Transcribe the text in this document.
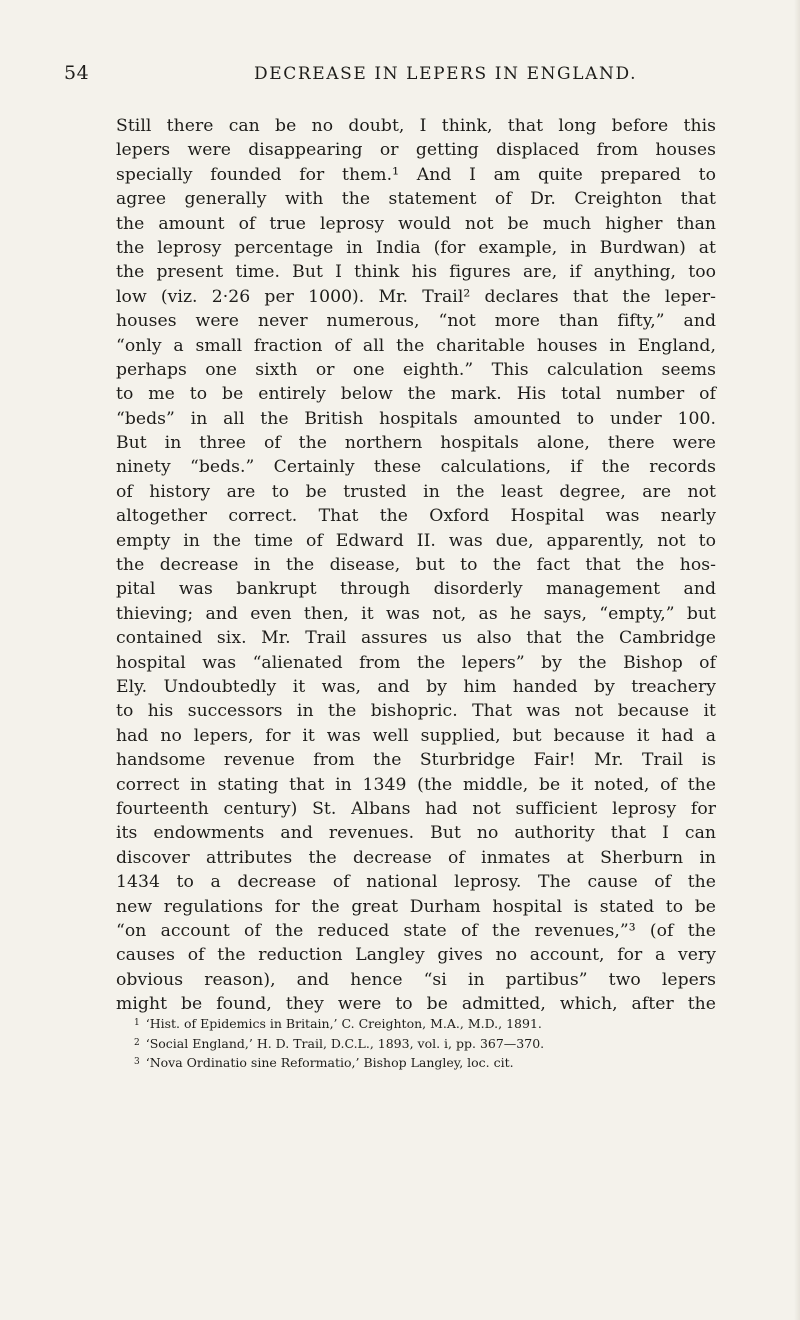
54	DECREASE IN LEPERS IN ENGLAND.
Still there can be no doubt, I think, that long before this
lepers were disappearing or getting displaced from houses
specially founded for them.¹ And I am quite prepared to
agree generally with the statement of Dr. Creighton that
the amount of true leprosy would not be much higher than
the leprosy percentage in India (for example, in Burdwan) at
the present time. But I think his figures are, if anything, too
low (viz. 2·26 per 1000). Mr. Trail² declares that the leper-
houses were never numerous, “not more than fifty,” and
“only a small fraction of all the charitable houses in England,
perhaps one sixth or one eighth.” This calculation seems
to me to be entirely below the mark. His total number of
“beds” in all the British hospitals amounted to under 100.
But in three of the northern hospitals alone, there were
ninety “beds.” Certainly these calculations, if the records
of history are to be trusted in the least degree, are not
altogether correct. That the Oxford Hospital was nearly
empty in the time of Edward II. was due, apparently, not to
the decrease in the disease, but to the fact that the hos-
pital was bankrupt through disorderly management and
thieving; and even then, it was not, as he says, “empty,” but
contained six. Mr. Trail assures us also that the Cambridge
hospital was “alienated from the lepers” by the Bishop of
Ely. Undoubtedly it was, and by him handed by treachery
to his successors in the bishopric. That was not because it
had no lepers, for it was well supplied, but because it had a
handsome revenue from the Sturbridge Fair! Mr. Trail is
correct in stating that in 1349 (the middle, be it noted, of the
fourteenth century) St. Albans had not sufficient leprosy for
its endowments and revenues. But no authority that I can
discover attributes the decrease of inmates at Sherburn in
1434 to a decrease of national leprosy. The cause of the
new regulations for the great Durham hospital is stated to be
“on account of the reduced state of the revenues,”³ (of the
causes of the reduction Langley gives no account, for a very
obvious reason), and hence “si in partibus” two lepers
might be found, they were to be admitted, which, after the
$^1$ ‘Hist. of Epidemics in Britain,’ C. Creighton, M.A., M.D., 1891.
$^2$ ‘Social England,’ H. D. Trail, D.C.L., 1893, vol. i, pp. 367—370.
$^3$ ‘Nova Ordinatio sine Reformatio,’ Bishop Langley, loc. cit.
